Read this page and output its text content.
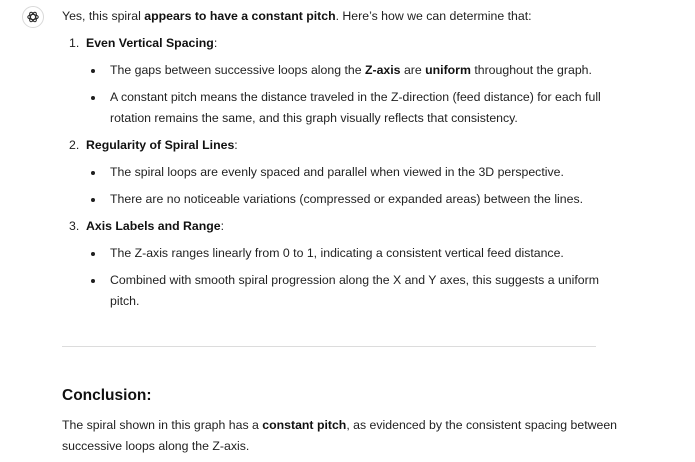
Yes, this spiral appears to have a constant pitch. Here’s how we can determine that:
1. Even Vertical Spacing:
The gaps between successive loops along the Z-axis are uniform throughout the graph.
A constant pitch means the distance traveled in the Z-direction (feed distance) for each full
rotation remains the same, and this graph visually reflects that consistency.
2. Regularity of Spiral Lines:
The spiral loops are evenly spaced and parallel when viewed in the 3D perspective.
There are no noticeable variations (compressed or expanded areas) between the lines.
3. Axis Labels and Range:
The Z-axis ranges linearly from 0 to 1, indicating a consistent vertical feed distance.
Combined with smooth spiral progression along the X and Y axes, this suggests a uniform
pitch.
Conclusion:
The spiral shown in this graph has a constant pitch, as evidenced by the consistent spacing between
successive loops along the Z-axis.
